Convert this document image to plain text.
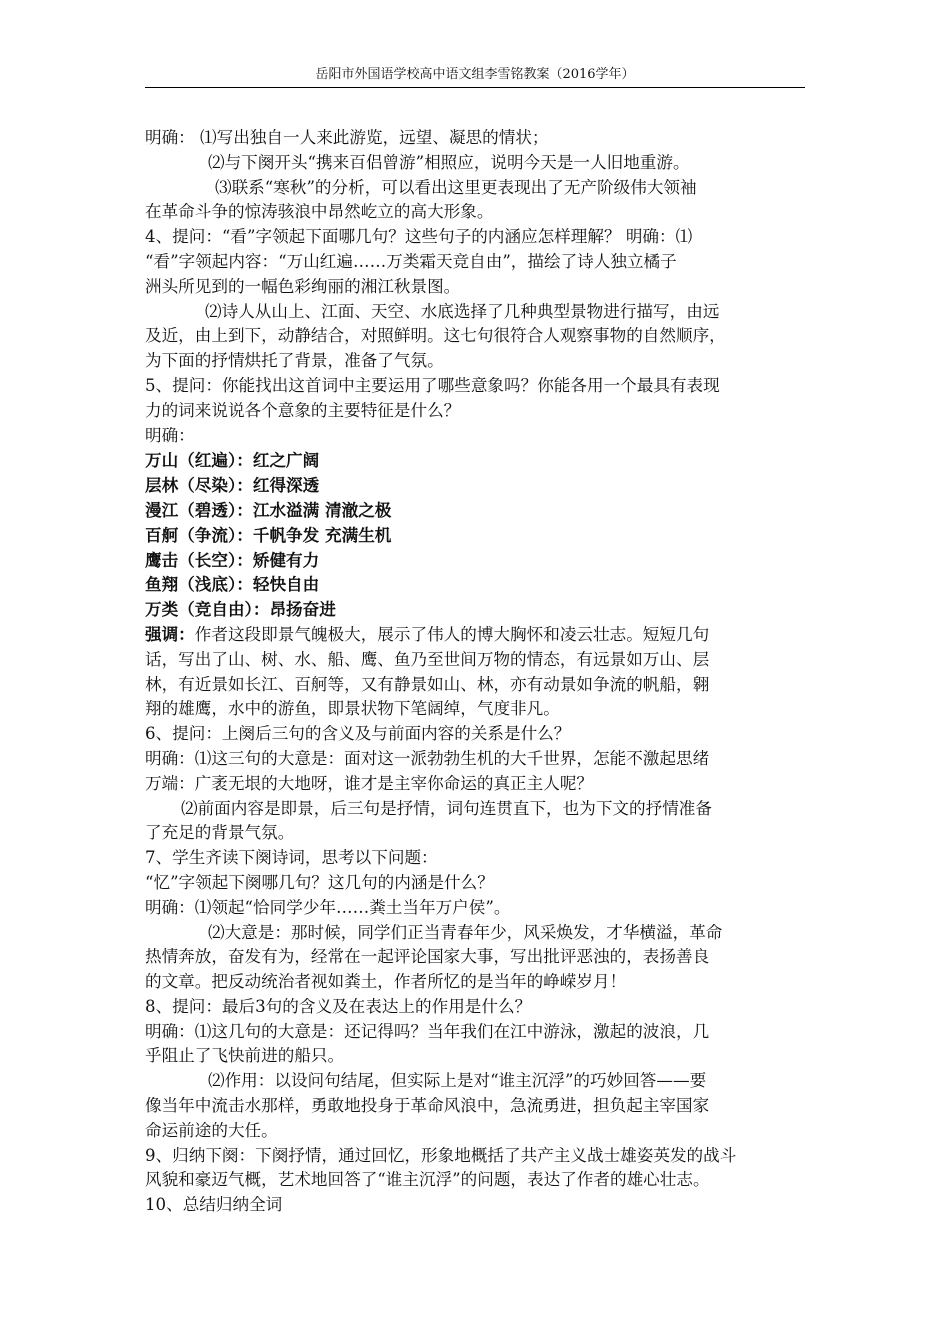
岳阳市外国语学校高中语文组李雪铭教案（2016学年）

明确： ⑴写出独自一人来此游览，远望、凝思的情状；

⑵与下阕开头“携来百侣曾游”相照应，说明今天是一人旧地重游。

⑶联系“寒秋”的分析，可以看出这里更表现出了无产阶级伟大领袖

在革命斗争的惊涛骇浪中昂然屹立的高大形象。

4、提问：“看”字领起下面哪几句？这些句子的内涵应怎样理解？ 明确：⑴

“看”字领起内容：“万山红遍……万类霜天竞自由”，描绘了诗人独立橘子

洲头所见到的一幅色彩绚丽的湘江秋景图。

⑵诗人从山上、江面、天空、水底选择了几种典型景物进行描写，由远

及近，由上到下，动静结合，对照鲜明。这七句很符合人观察事物的自然顺序，

为下面的抒情烘托了背景，准备了气氛。

5、提问：你能找出这首词中主要运用了哪些意象吗？你能各用一个最具有表现

力的词来说说各个意象的主要特征是什么？

明确：

万山（红遍）：红之广阔

层林（尽染）：红得深透

漫江（碧透）：江水溢满 清澈之极

百舸（争流）：千帆争发 充满生机

鹰击（长空）：矫健有力

鱼翔（浅底）：轻快自由

万类（竞自由）：昂扬奋进

强调：作者这段即景气魄极大，展示了伟人的博大胸怀和凌云壮志。短短几句

话，写出了山、树、水、船、鹰、鱼乃至世间万物的情态，有远景如万山、层

林，有近景如长江、百舸等，又有静景如山、林，亦有动景如争流的帆船，翱

翔的雄鹰，水中的游鱼，即景状物下笔阔绰，气度非凡。

6、提问：上阕后三句的含义及与前面内容的关系是什么？

明确：⑴这三句的大意是：面对这一派勃勃生机的大千世界，怎能不激起思绪

万端：广袤无垠的大地呀，谁才是主宰你命运的真正主人呢？

⑵前面内容是即景，后三句是抒情，词句连贯直下，也为下文的抒情准备

了充足的背景气氛。

7、学生齐读下阕诗词，思考以下问题：

“忆”字领起下阕哪几句？这几句的内涵是什么？

明确：⑴领起“恰同学少年……粪土当年万户侯”。

⑵大意是：那时候，同学们正当青春年少，风采焕发，才华横溢，革命

热情奔放，奋发有为，经常在一起评论国家大事，写出批评恶浊的，表扬善良

的文章。把反动统治者视如粪土，作者所忆的是当年的峥嵘岁月！

8、提问：最后3句的含义及在表达上的作用是什么？

明确：⑴这几句的大意是：还记得吗？当年我们在江中游泳，激起的波浪，几

乎阻止了飞快前进的船只。

⑵作用：以设问句结尾，但实际上是对“谁主沉浮”的巧妙回答——要

像当年中流击水那样，勇敢地投身于革命风浪中，急流勇进，担负起主宰国家

命运前途的大任。

9、归纳下阕：下阕抒情，通过回忆，形象地概括了共产主义战士雄姿英发的战斗

风貌和豪迈气概，艺术地回答了“谁主沉浮”的问题，表达了作者的雄心壮志。

10、总结归纳全词
